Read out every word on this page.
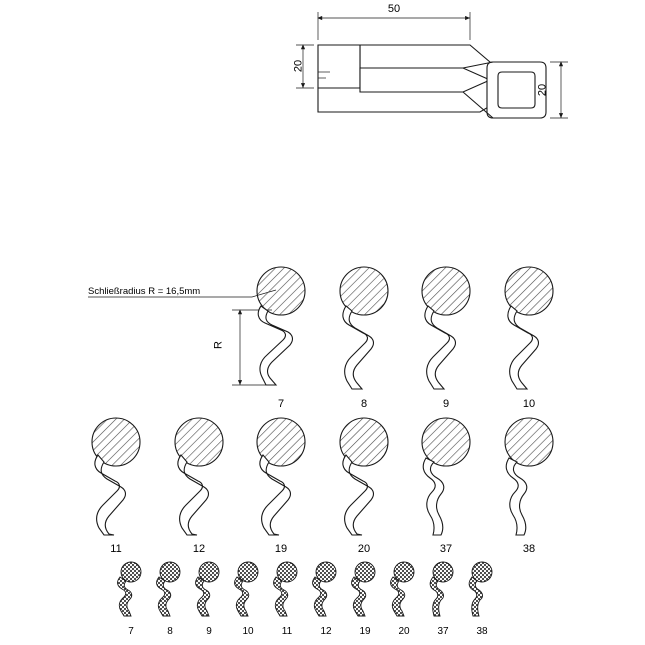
50
20
20
Schließradius R = 16,5mm
R
7	8	9	10
11	12	19	20	37	38
7	8	9	10	11	12	19	20	37	38
